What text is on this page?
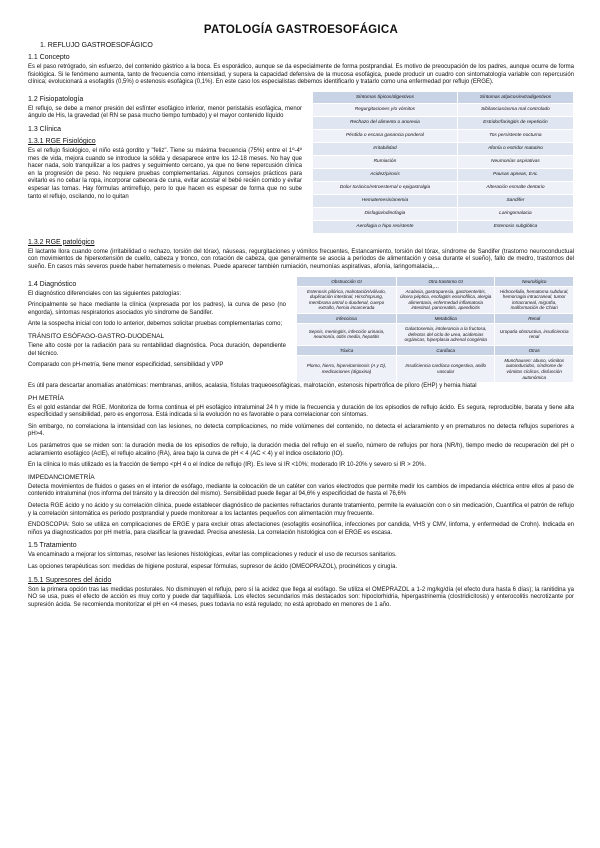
PATOLOGÍA GASTROESOFÁGICA
1. REFLUJO GASTROESOFÁGICO
1.1 Concepto

Es el paso retrógrado, sin esfuerzo, del contenido gástrico a la boca. Es esporádico, aunque se da especialmente de forma postprandial. Es motivo de preocupación de los padres, aunque ocurre de forma fisiológica. Si le fenómeno aumenta, tanto de frecuencia como intensidad, y supera la capacidad defensiva de la mucosa esofágica, puede producir un cuadro con sintomatología variable con repercusión clínica; evolucionará a esofagitis (0,5%) o estenosis esofágica (0,1%). En este caso los especialistas debemos identificarlo y tratarlo como una enfermedad por reflujo (ERGE).

1.2 Fisiopatología

El reflujo, se debe a menor presión del esfínter esofágico inferior, menor peristalsis esofágica, menor ángulo de His, la gravedad (el RN se pasa mucho tiempo tumbado) y el mayor contenido líquido

1.3 Clínica
1.3.1 RGE Fisiológico

Es el reflujo fisiológico, el niño está gordito y "feliz". Tiene su máxima frecuencia (75%) entre el 1º-4º mes de vida, mejora cuando se introduce la sólida y desaparece entre los 12-18 meses. No hay que hacer nada, solo tranquilizar a los padres y seguimiento cercano, ya que no tiene repercusión clínica en la progresión de peso. No requiere pruebas complementarias. Algunos consejos prácticos para evitarlo es no cebar la ropa, incorporar cabecera de cuna, evitar acostar el bebé recién comido y evitar espesar las tomas. Hay fórmulas antirreflujo, pero lo que hacen es espesar de forma que no sube tanto el reflujo, oscilando, no lo quitan

Síntomas típicos/digestivos	Síntomas atípicos/extradigestivos
Regurgitaciones y/o vómitos	Sibilancias/asma mal controlado
Rechazo del alimento o anorexia	Estridor/faringitis de repetición
Pérdida o escasa ganancia ponderal	Tos persistente nocturna
Irritabilidad	Afonía o estridor matutino
Rumiación	Neumonías aspirativas
Acidez/pirosis	Pausas apneas, EAL
Dolor torácico/retroesternal o epigastralgia	Alteración esmalte dentario
Hematemesis/anemia	Sandifer
Disfagia/odinofagia	Laringomalacia
Aerofagia o hipo resistente	Estenosis subglótica
1.3.2 RGE patológico

El lactante llora cuando come (irritabilidad o rechazo, torsión del tórax), náuseas, regurgitaciones y vómitos frecuentes, Estancamiento, torsión del tórax, síndrome de Sandifer (trastorno neuroconductual con movimientos de hiperextensión de cuello, cabeza y tronco, con rotación de cabeza, que generalmente se asocia a períodos de alimentación y cesa durante el sueño), fallo de medro, trastornos del sueño. En casos más severos puede haber hematemesis o melenas. Puede aparecer también rumiación, neumonías aspirativas, afonía, laringomalacia,...

1.4 Diagnóstico

El diagnóstico diferenciales con las siguientes patologías:

Principalmente se hace mediante la clínica (expresada por los padres), la curva de peso (no engorda), síntomas respiratorios asociados y/o síndrome de Sandifer.

Ante la sospecha inicial con todo lo anterior, debemos solicitar pruebas complementarias como;

TRÁNSITO ESÓFAGO-GASTRO-DUODENAL

Tiene alto coste por la radiación para su rentabilidad diagnóstica. Poca duración, dependiente del técnico.

Comparado con pH-metría, tiene menor especificidad, sensibilidad y VPP

Obstrucción GI	Otra trastorno GI	Neurológico
Estenosis pilórica, malrotación/vólvulo, duplicación intestinal, Hirschsprung, membrana antral o duodenal, cuerpo extraño, hernia incarcerada	Acalasia, gastroparesia, gastroenteritis, úlcera péptica, esofagitis eosinofílica, alergia alimentaria, enfermedad inflamatoria intestinal, pancreatitis, apendicitis	Hidrocefalia, hematoma subdural, hemorragia intracraneal, tumor intracraneal, migraña, malformación de Chiari
Infecciosa	Metabólica	Renal
Sepsis, meningitis, infección urinaria, neumonía, otitis media, hepatitis	Galactosemia, intolerancia a la fructosa, defectos del ciclo de urea, acidemias orgánicas, hiperplasia adrenal congénita	Uropatía obstructiva, insuficiencia renal
Tóxica	Cardíaca	Otras
Plomo, hierro, hipervitaminosis (A y D), medicaciones (digoxina)	Insuficiencia cardíaca congestiva, anillo vascular	Munchausen: abuso, vómitos autoinducidos, síndrome de vómitos cíclicos, disfunción autonómica

Es útil para descartar anomalías anatómicas: membranas, anillos, acalasia, fístulas traqueoesofágicas, malrotación, estenosis hipertrófica de píloro (EHP) y hernia hiatal

PH METRÍA

Es el gold estándar del RGE. Monitoriza de forma continua el pH esofágico intraluminal 24 h y mide la frecuencia y duración de los episodios de reflujo ácido. Es segura, reproducible, barata y tiene alta especificidad y sensibilidad, pero es engorrosa. Está indicada si la evolución no es favorable o para correlacionar con síntomas.

Sin embargo, no correlaciona la intensidad con las lesiones, no detecta complicaciones, no mide volúmenes del contenido, no detecta el aclaramiento y en prematuros no detecta reflujos superiores a pH>4.

Los parámetros que se miden son: la duración media de los episodios de reflujo, la duración media del reflujo en el sueño, número de reflujos por hora (NR/h), tiempo medio de recuperación del pH o aclaramiento esofágico (AclE), el reflujo alcalino (RA), área bajo la curva de pH < 4 (AC < 4) y el índice oscilatorio (IO).

En la clínica lo más utilizado es la fracción de tiempo <pH 4 o el índice de reflujo (IR). Es leve si IR <10%; moderado IR 10-20% y severo si IR > 20%.

IMPEDANCIOMETRÍA

Detecta movimientos de fluidos o gases en el interior de esófago, mediante la colocación de un catéter con varios electrodos que permite medir los cambios de impedancia eléctrica entre ellos al paso de contenido intraluminal (nos informa del tránsito y la dirección del mismo). Sensibilidad puede llegar al 94,6% y especificidad de hasta el 76,6%

Detecta RGE ácido y no ácido y su correlación clínica, puede establecer diagnóstico de pacientes refractarios durante tratamiento, permite la evaluación con o sin medicación, Cuantifica el patrón de reflujo y la correlación sintomática es periodo postprandial y puede monitorear a los lactantes pequeños con alimentación muy frecuente.

ENDOSCOPIA: Solo se utiliza en complicaciones de ERGE y para excluir otras afectaciones (esofagitis eosinofílica, infecciones por candida, VHS y CMV, linfoma, y enfermedad de Crohn). Indicada en niños ya diagnosticados por pH metría, para clasificar la gravedad. Precisa anestesia. La correlación histológica con el ERGE es escasa.

1.5 Tratamiento

Va encaminado a mejorar los síntomas, resolver las lesiones histológicas, evitar las complicaciones y reducir el uso de recursos sanitarios.

Las opciones terapéuticas son: medidas de higiene postural, espesar fórmulas, supresor de ácido (OMEOPRAZOL), procinéticos y cirugía.

1.5.1 Supresores del ácido

Son la primera opción tras las medidas posturales. No disminuyen el reflujo, pero sí la acidez que llega al esófago. Se utiliza el OMEPRAZOL a 1-2 mg/kg/día (el efecto dura hasta 6 días); la ranitidina ya NO se usa, pues el efecto de acción es muy corto y puede dar taquifilaxia. Los efectos secundarios más destacados son: hipoclorhidria, hipergastrinemia (clostridicitosis) y enterocolitis necrotizante por supresión ácida. Se recomienda monitorizar el pH en <4 meses, pues todavía no está regulado; no está aprobado en menores de 1 año.
